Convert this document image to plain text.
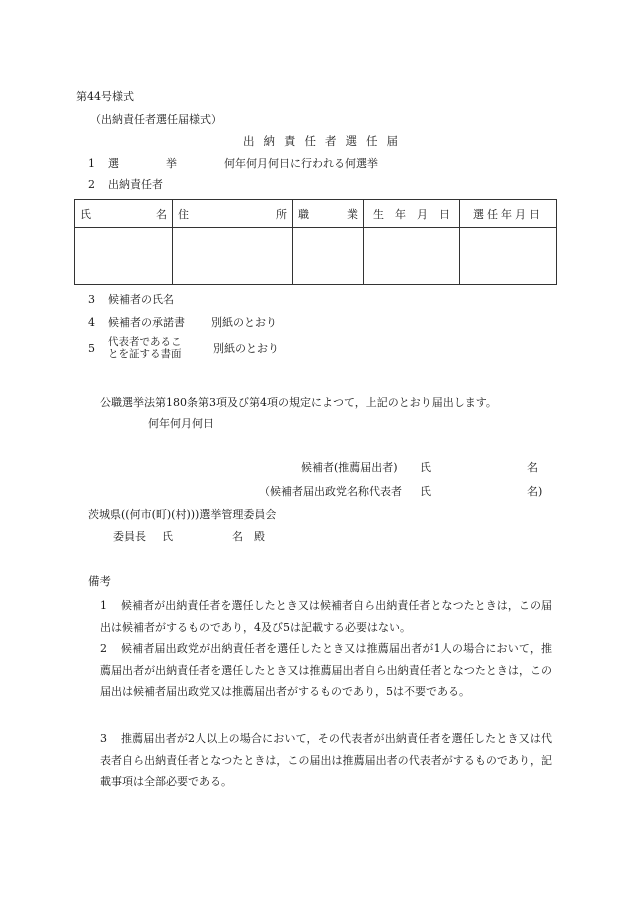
第44号様式
（出納責任者選任届様式）
出納責任者選任届
1 選	挙	何年何月何日に行われる何選挙
2 出納責任者
氏 名	住 所	職 業	生　年　月　日	選任年月日

3 候補者の氏名
4 候補者の承諾書 別紙のとおり
5	代表者であるこ
とを証する書面	別紙のとおり
公職選挙法第180条第3項及び第4項の規定によつて，上記のとおり届出します。
何年何月何日
候補者(推薦届出者) 氏	名
（候補者届出政党名称代表者 氏	名)
茨城県((何市(町)(村)))選挙管理委員会
委員長 氏	名　殿
備考
1	候補者が出納責任者を選任したとき又は候補者自ら出納責任者となつたときは，この届出は候補者がするものであり，4及び5は記載する必要はない。

2	候補者届出政党が出納責任者を選任したとき又は推薦届出者が1人の場合において，推薦届出者が出納責任者を選任したとき又は推薦届出者自ら出納責任者となつたときは，この届出は候補者届出政党又は推薦届出者がするものであり，5は不要である。

3	推薦届出者が2人以上の場合において，その代表者が出納責任者を選任したとき又は代表者自ら出納責任者となつたときは，この届出は推薦届出者の代表者がするものであり，記載事項は全部必要である。
